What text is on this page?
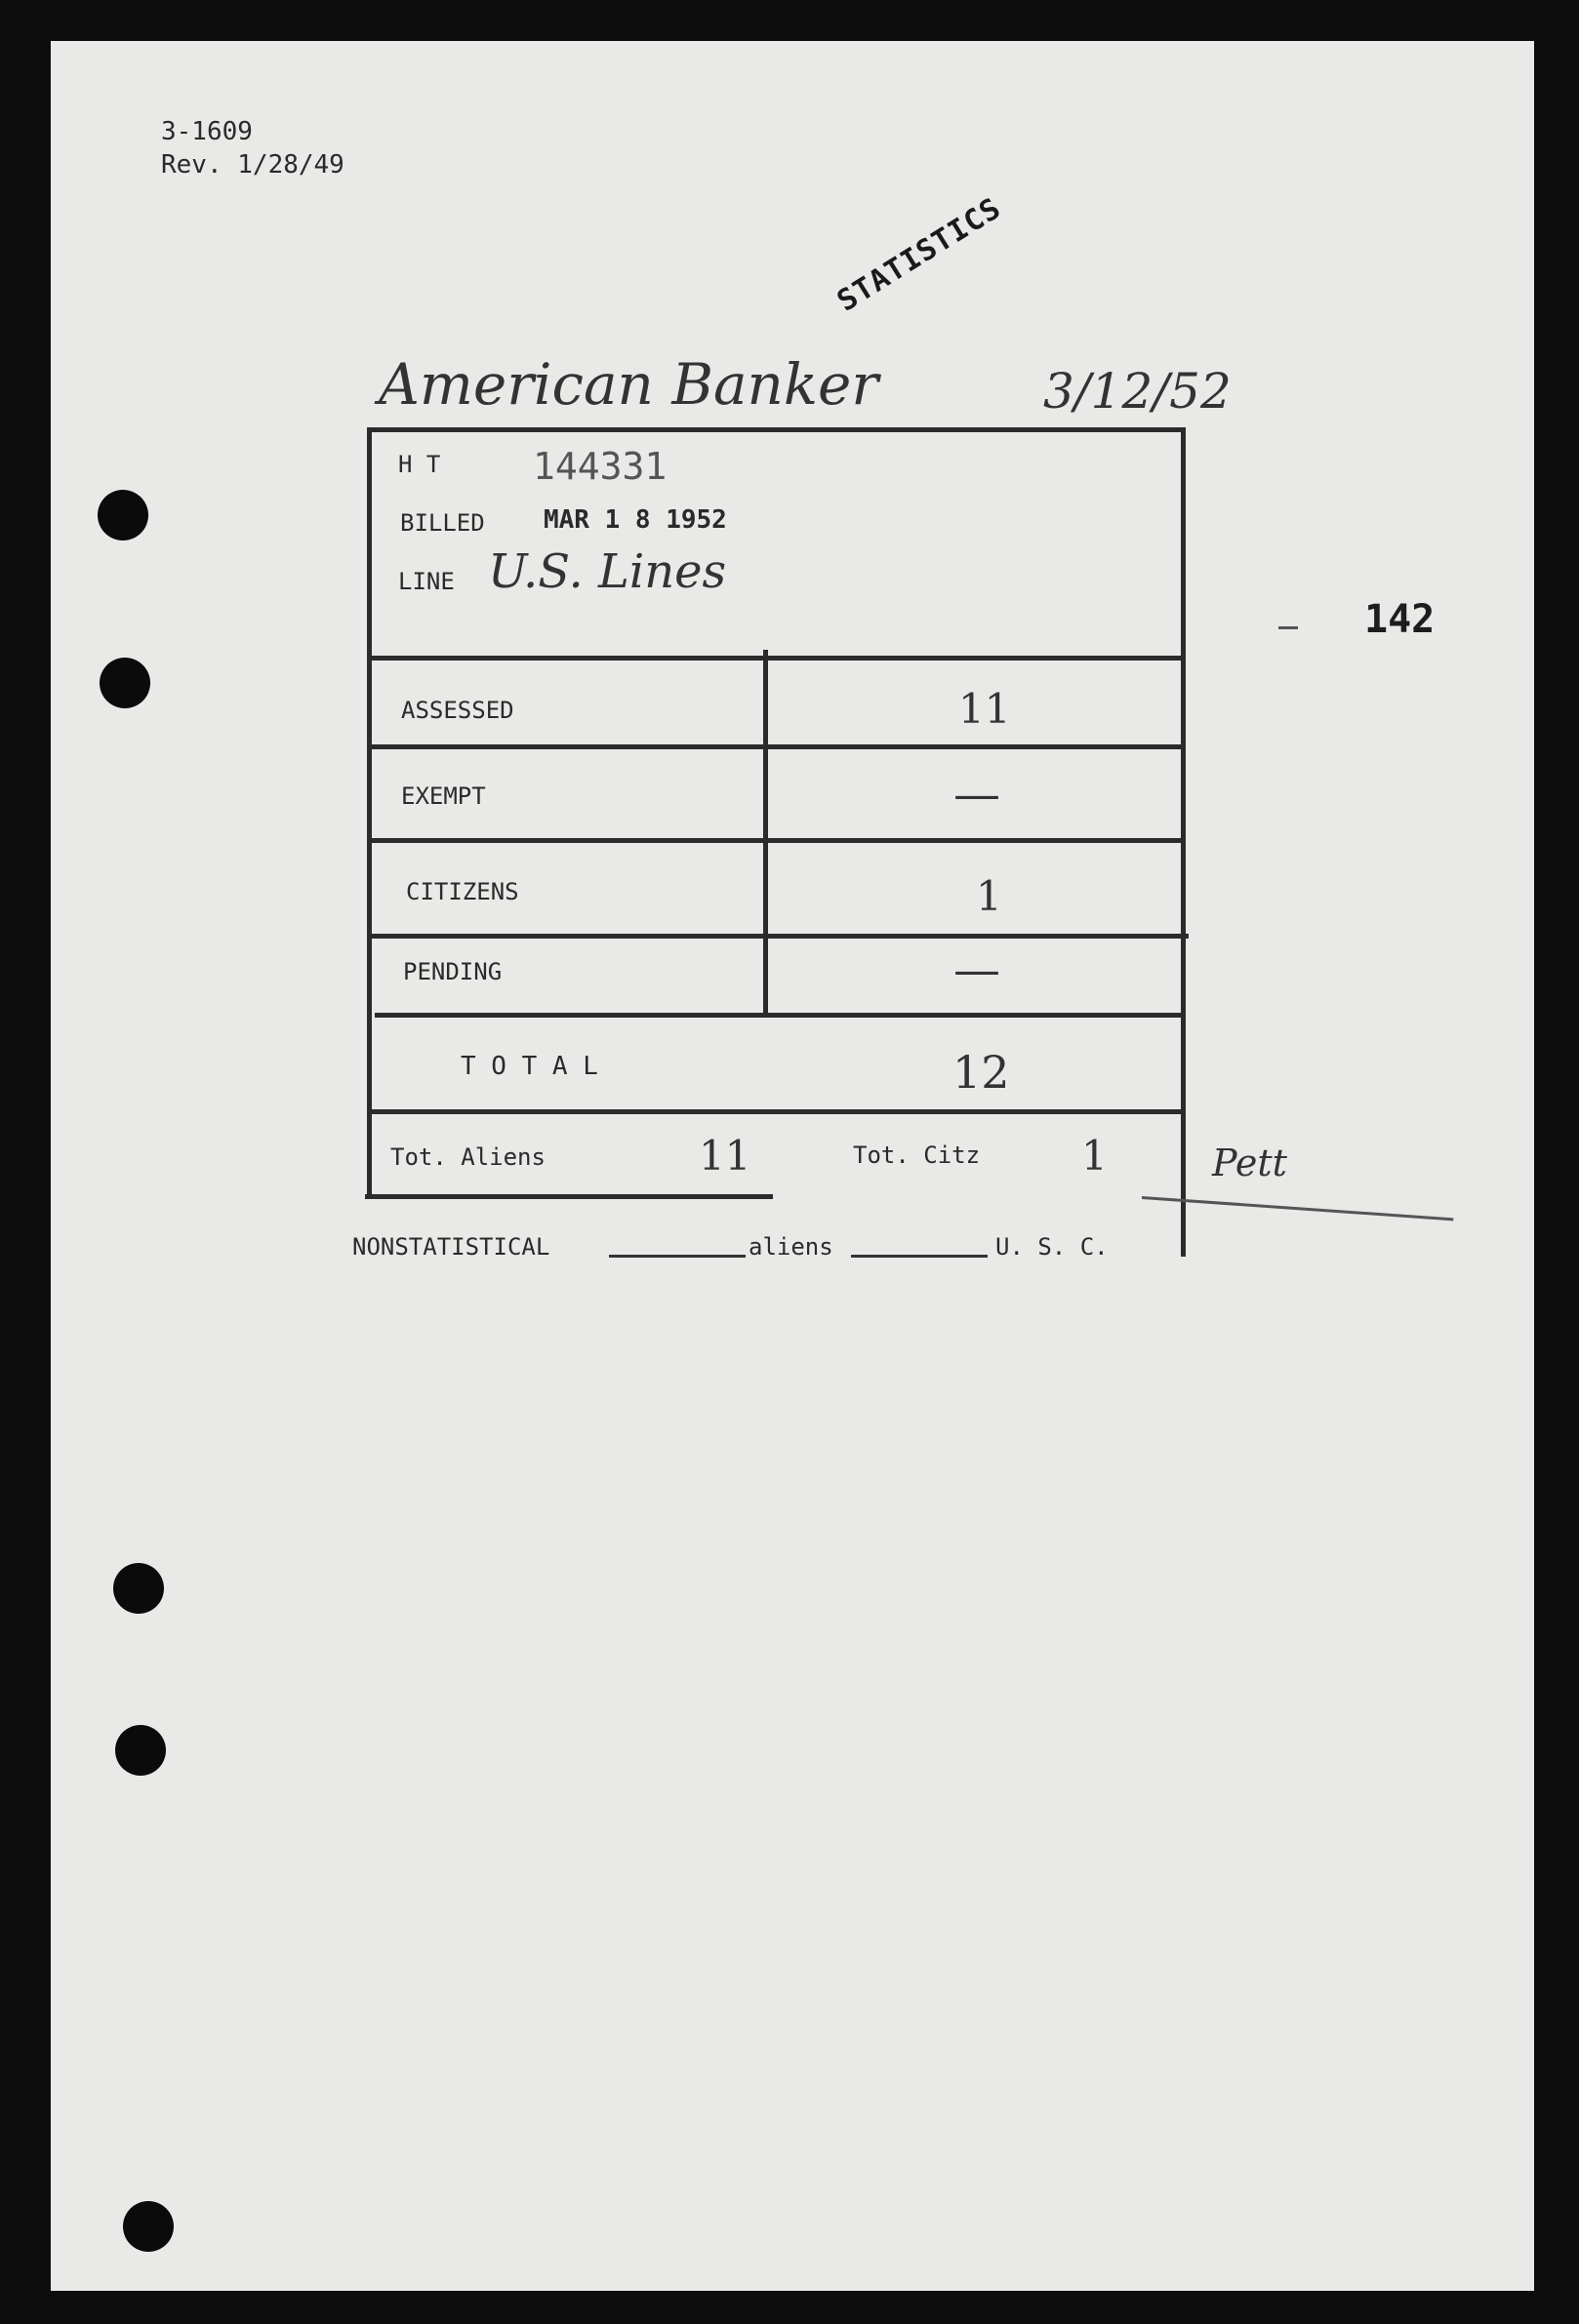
3-1609
Rev. 1/28/49
STATISTICS
American Banker	3/12/52
142
H T 144331
BILLED MAR 1 8 1952
LINE U.S. Lines
ASSESSED	11
EXEMPT	—
CITIZENS	1
PENDING	—
T O T A L	12
Tot. Aliens	11	Tot. Citz 1	Pett
NONSTATISTICAL	aliens	U. S. C.
